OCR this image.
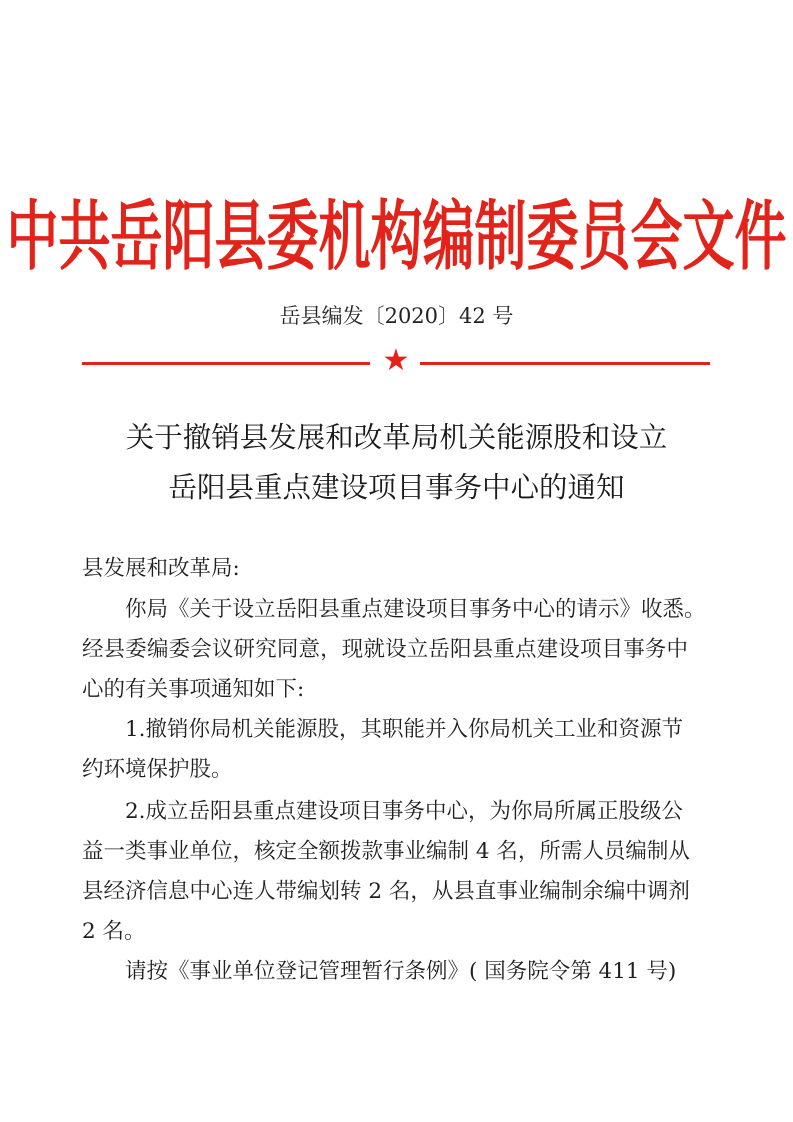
中共岳阳县委机构编制委员会文件
岳县编发〔2020〕42 号
★
关于撤销县发展和改革局机关能源股和设立
岳阳县重点建设项目事务中心的通知
县发展和改革局:
你局《关于设立岳阳县重点建设项目事务中心的请示》收悉。
经县委编委会议研究同意，现就设立岳阳县重点建设项目事务中
心的有关事项通知如下:
1.撤销你局机关能源股，其职能并入你局机关工业和资源节
约环境保护股。
2.成立岳阳县重点建设项目事务中心，为你局所属正股级公
益一类事业单位，核定全额拨款事业编制 4 名，所需人员编制从
县经济信息中心连人带编划转 2 名，从县直事业编制余编中调剂
2 名。
请按《事业单位登记管理暂行条例》( 国务院令第 411 号)
